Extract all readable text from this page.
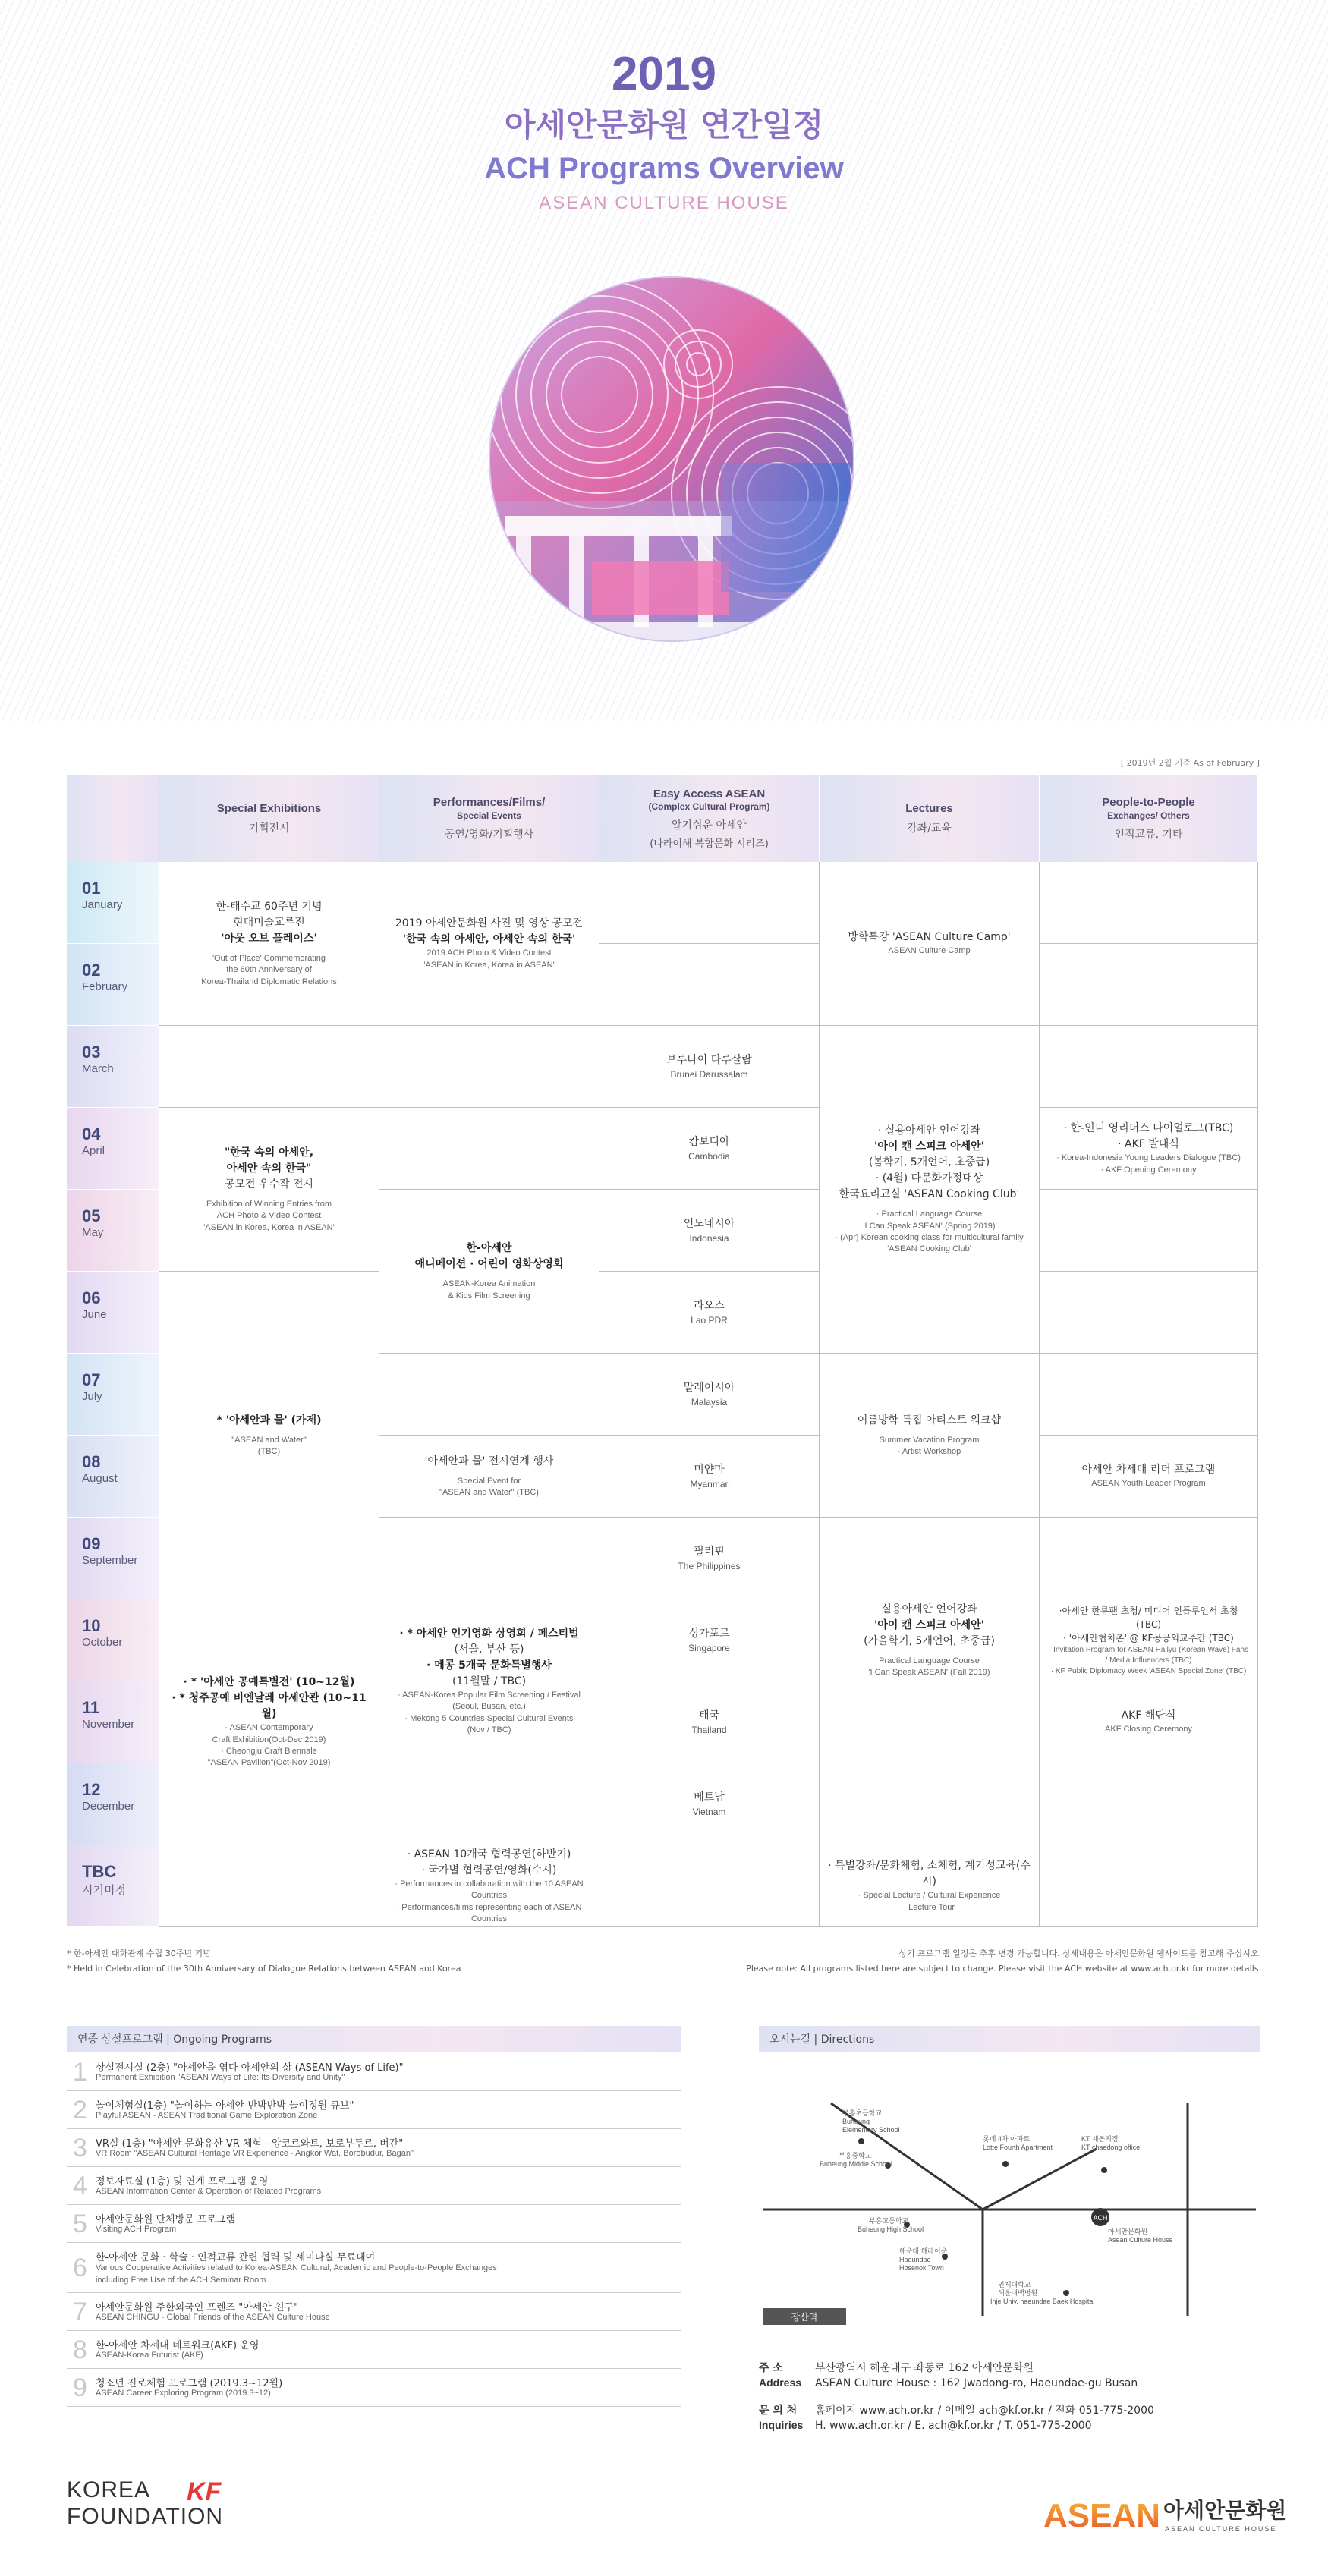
2019
아세안문화원 연간일정
ACH Programs Overview
ASEAN CULTURE HOUSE
[ 2019년 2월 기준 As of February ]
Special Exhibitions
기획전시
Performances/Films/
Special Events
공연/영화/기획행사
Easy Access ASEAN
(Complex Cultural Program)
알기쉬운 아세안
(나라이해 복합문화 시리즈)
Lectures
강좌/교육
People-to-People
Exchanges/ Others
인적교류, 기타
01
January
02
February
03
March
04
April
05
May
06
June
07
July
08
August
09
September
10
October
11
November
12
December
TBC
시기미정
한-태수교 60주년 기념
현대미술교류전
'아웃 오브 플레이스'
'Out of Place' Commemorating
the 60th Anniversary of
Korea-Thailand Diplomatic Relations
"한국 속의 아세안,
아세안 속의 한국"
공모전 우수작 전시
Exhibition of Winning Entries from
ACH Photo & Video Contest
'ASEAN in Korea, Korea in ASEAN'
* '아세안과 물' (가제)
"ASEAN and Water"
(TBC)
· * '아세안 공예특별전' (10~12월)
· * 청주공예 비엔날레 아세안관 (10~11월)
· ASEAN Contemporary
Craft Exhibition(Oct-Dec 2019)
· Cheongju Craft Biennale
"ASEAN Pavilion"(Oct-Nov 2019)
2019 아세안문화원 사진 및 영상 공모전
'한국 속의 아세안, 아세안 속의 한국'
2019 ACH Photo & Video Contest
'ASEAN in Korea, Korea in ASEAN'
한-아세안
애니메이션 · 어린이 영화상영회
ASEAN-Korea Animation
& Kids Film Screening
'아세안과 물' 전시연계 행사
Special Event for
"ASEAN and Water" (TBC)
· * 아세안 인기영화 상영회 / 페스티벌
(서울, 부산 등)
· 메콩 5개국 문화특별행사
(11월말 / TBC)
· ASEAN-Korea Popular Film Screening / Festival
(Seoul, Busan, etc.)
· Mekong 5 Countries Special Cultural Events
(Nov / TBC)
· ASEAN 10개국 협력공연(하반기)
· 국가별 협력공연/영화(수시)
· Performances in collaboration with the 10 ASEAN Countries
· Performances/films representing each of ASEAN Countries
브루나이 다루살람
Brunei Darussalam
캄보디아
Cambodia
인도네시아
Indonesia
라오스
Lao PDR
말레이시아
Malaysia
미얀마
Myanmar
필리핀
The Philippines
싱가포르
Singapore
태국
Thailand
베트남
Vietnam
방학특강 'ASEAN Culture Camp'
ASEAN Culture Camp
· 실용아세안 언어강좌
'아이 캔 스피크 아세안'
(봄학기, 5개언어, 초중급)
· (4월) 다문화가정대상
한국요리교실 'ASEAN Cooking Club'
· Practical Language Course
'I Can Speak ASEAN' (Spring 2019)
· (Apr) Korean cooking class for multicultural family
'ASEAN Cooking Club'
여름방학 특집 아티스트 워크샵
Summer Vacation Program
- Artist Workshop
실용아세안 언어강좌
'아이 캔 스피크 아세안'
(가을학기, 5개언어, 초중급)
Practical Language Course
'I Can Speak ASEAN' (Fall 2019)
· 특별강좌/문화체험, 소체험, 계기성교육(수시)
· Special Lecture / Cultural Experience
, Lecture Tour
· 한-인니 영리더스 다이얼로그(TBC)
· AKF 발대식
· Korea-Indonesia Young Leaders Dialogue (TBC)
· AKF Opening Ceremony
아세안 차세대 리더 프로그램
ASEAN Youth Leader Program
·아세안 한류팬 초청/ 미디어 인플루언서 초청(TBC)
· '아세안협치촌' @ KF공공외교주간 (TBC)
· Invitation Program for ASEAN Hallyu (Korean Wave) Fans
/ Media Influencers (TBC)
· KF Public Diplomacy Week 'ASEAN Special Zone' (TBC)
AKF 해단식
AKF Closing Ceremony
* 한-아세안 대화관계 수립 30주년 기념
* Held in Celebration of the 30th Anniversary of Dialogue Relations between ASEAN and Korea
상기 프로그램 일정은 추후 변경 가능합니다. 상세내용은 아세안문화원 웹사이트를 참고해 주십시오.
Please note: All programs listed here are subject to change. Please visit the ACH website at www.ach.or.kr for more details.
연중 상설프로그램 | Ongoing Programs
1 상설전시실 (2층) "아세안을 엮다 아세안의 삶 (ASEAN Ways of Life)"
Permanent Exhibition "ASEAN Ways of Life: Its Diversity and Unity"
2 놀이체험실(1층) "놀이하는 아세안-반박반박 놀이정원 큐브"
Playful ASEAN - ASEAN Traditional Game Exploration Zone
3 VR실 (1층) "아세안 문화유산 VR 체험 - 앙코르와트, 보로부두르, 버간"
VR Room "ASEAN Cultural Heritage VR Experience - Angkor Wat, Borobudur, Bagan"
4 정보자료실 (1층) 및 연계 프로그램 운영
ASEAN Information Center & Operation of Related Programs
5 아세안문화원 단체방문 프로그램
Visiting ACH Program
6 한-아세안 문화 · 학술 · 인적교류 관련 협력 및 세미나실 무료대여
Various Cooperative Activities related to Korea-ASEAN Cultural, Academic and People-to-People Exchanges including Free Use of the ACH Seminar Room
7 아세안문화원 주한외국인 프렌즈 "아세안 친구"
ASEAN CHINGU - Global Friends of the ASEAN Culture House
8 한-아세안 차세대 네트워크(AKF) 운영
ASEAN-Korea Futurist (AKF)
9 청소년 진로체험 프로그램 (2019.3~12월)
ASEAN Career Exploring Program (2019.3~12)
오시는길 | Directions
부흥초등학교
Buheung
Elementary School
부흥중학교
Buheung Middle School
롯데 4차 아파트
Lotte Fourth Apartment
KT 재동지점
KT chaedong office
부흥고등학교
Buheung High School
해운대 해레이운
Haeundae
Hosenok Town
인제대학교
해운대백병원
Inje Univ. haeundae Baek Hospital
아세안문화원
Asean Culture House
ACH
장산역
주 소	부산광역시 해운대구 좌동로 162 아세안문화원
Address ASEAN Culture House : 162 Jwadong-ro, Haeundae-gu Busan
문 의 처 홈페이지 www.ach.or.kr / 이메일 ach@kf.or.kr / 전화 051-775-2000
Inquiries H. www.ach.or.kr / E. ach@kf.or.kr / T. 051-775-2000
KOREA
FOUNDATION
KF
ASEAN 아세안문화원
ASEAN CULTURE HOUSE
